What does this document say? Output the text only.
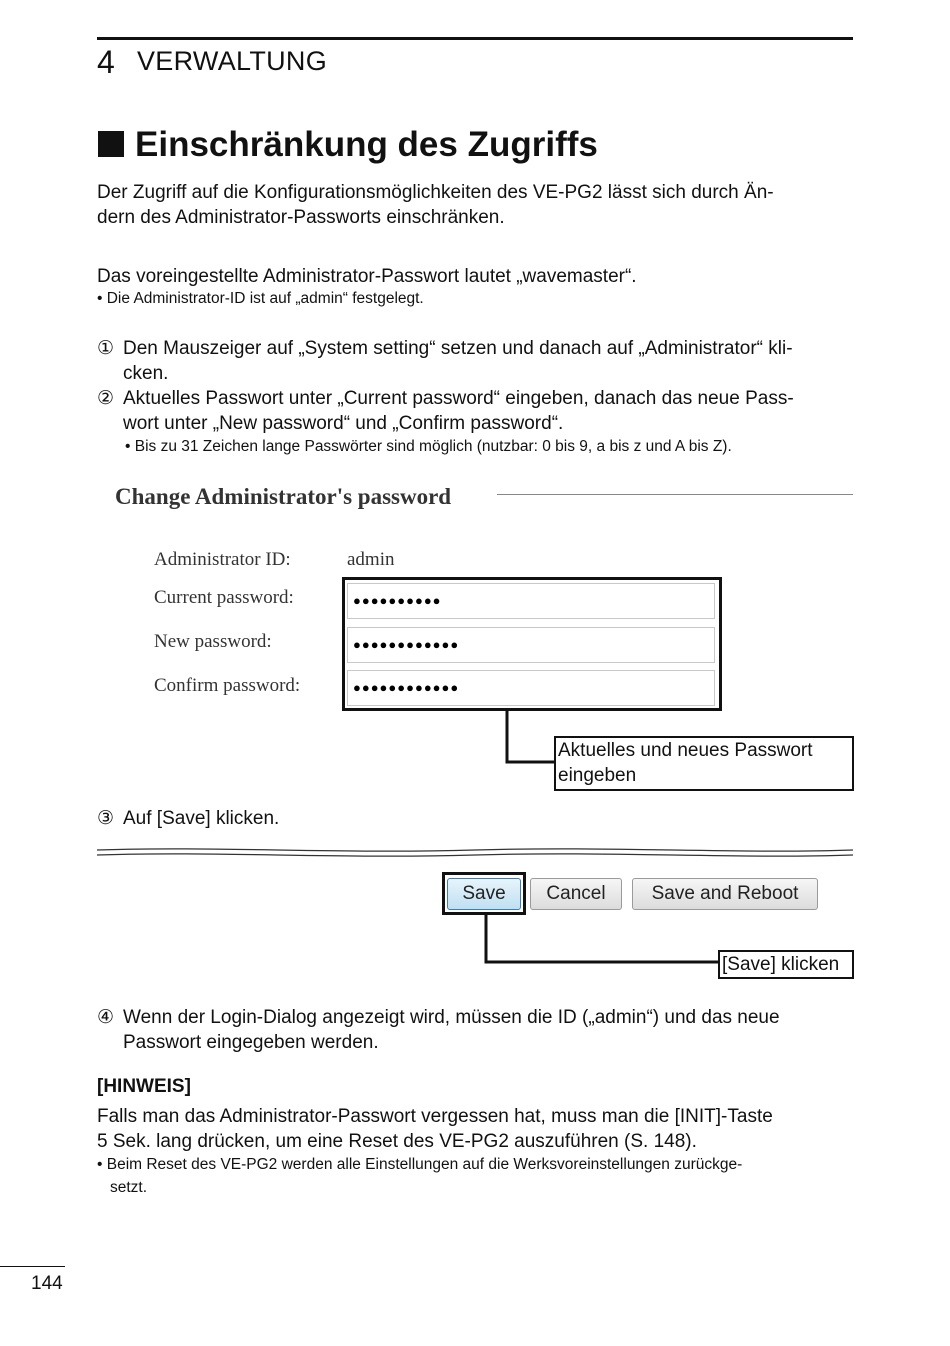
4 VERWALTUNG
Einschränkung des Zugriffs
Der Zugriff auf die Konfigurationsmöglichkeiten des VE-PG2 lässt sich durch Än-
dern des Administrator-Passworts einschränken.
Das voreingestellte Administrator-Passwort lautet „wavemaster“.
• Die Administrator-ID ist auf „admin“ festgelegt.
① Den Mauszeiger auf „System setting“ setzen und danach auf „Administrator“ kli-
cken.
② Aktuelles Passwort unter „Current password“ eingeben, danach das neue Pass-
wort unter „New password“ und „Confirm password“.
• Bis zu 31 Zeichen lange Passwörter sind möglich (nutzbar: 0 bis 9, a bis z und A bis Z).
Change Administrator's password
Administrator ID:	admin
Current password:	●●●●●●●●●●
New password:	●●●●●●●●●●●●
Confirm password:	●●●●●●●●●●●●
Aktuelles und neues Passwort
eingeben
③ Auf [Save] klicken.
Save	Cancel	Save and Reboot
[Save] klicken
④ Wenn der Login-Dialog angezeigt wird, müssen die ID („admin“) und das neue
Passwort eingegeben werden.
[HINWEIS]
Falls man das Administrator-Passwort vergessen hat, muss man die [INIT]-Taste
5 Sek. lang drücken, um eine Reset des VE-PG2 auszuführen (S. 148).
• Beim Reset des VE-PG2 werden alle Einstellungen auf die Werksvoreinstellungen zurückge-
setzt.
144
